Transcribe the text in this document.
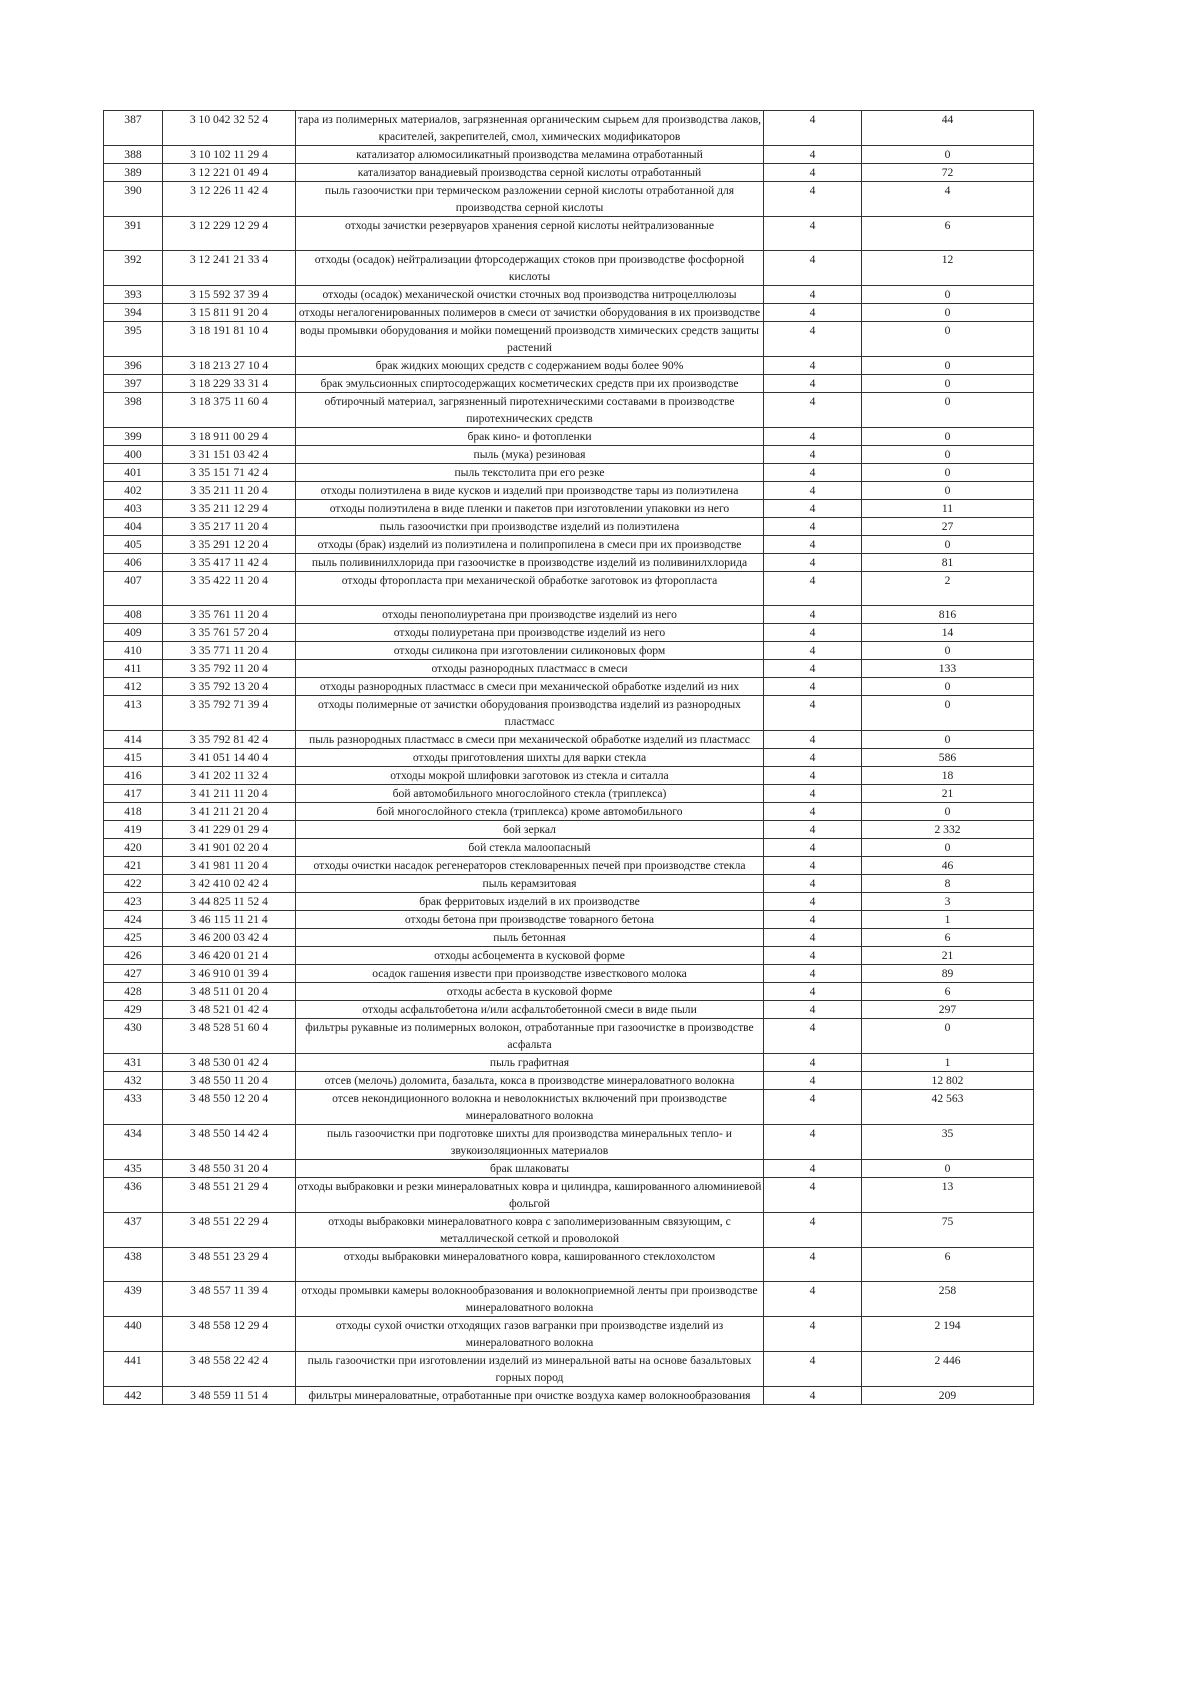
387	3 10 042 32 52 4	тара из полимерных материалов, загрязненная органическим сырьем для производства лаков, красителей, закрепителей, смол, химических модификаторов	4	44
388	3 10 102 11 29 4	катализатор алюмосиликатный производства меламина отработанный	4	0
389	3 12 221 01 49 4	катализатор ванадиевый производства серной кислоты отработанный	4	72
390	3 12 226 11 42 4	пыль газоочистки при термическом разложении серной кислоты отработанной для производства серной кислоты	4	4
391	3 12 229 12 29 4	отходы зачистки резервуаров хранения серной кислоты нейтрализованные	4	6
392	3 12 241 21 33 4	отходы (осадок) нейтрализации фторсодержащих стоков при производстве фосфорной кислоты	4	12
393	3 15 592 37 39 4	отходы (осадок) механической очистки сточных вод производства нитроцеллюлозы	4	0
394	3 15 811 91 20 4	отходы негалогенированных полимеров в смеси от зачистки оборудования в их производстве	4	0
395	3 18 191 81 10 4	воды промывки оборудования и мойки помещений производств химических средств защиты растений	4	0
396	3 18 213 27 10 4	брак жидких моющих средств с содержанием воды более 90%	4	0
397	3 18 229 33 31 4	брак эмульсионных спиртосодержащих косметических средств при их производстве	4	0
398	3 18 375 11 60 4	обтирочный материал, загрязненный пиротехническими составами в производстве пиротехнических средств	4	0
399	3 18 911 00 29 4	брак кино- и фотопленки	4	0
400	3 31 151 03 42 4	пыль (мука) резиновая	4	0
401	3 35 151 71 42 4	пыль текстолита при его резке	4	0
402	3 35 211 11 20 4	отходы полиэтилена в виде кусков и изделий при производстве тары из полиэтилена	4	0
403	3 35 211 12 29 4	отходы полиэтилена в виде пленки и пакетов при изготовлении упаковки из него	4	11
404	3 35 217 11 20 4	пыль газоочистки при производстве изделий из полиэтилена	4	27
405	3 35 291 12 20 4	отходы (брак) изделий из полиэтилена и полипропилена в смеси при их производстве	4	0
406	3 35 417 11 42 4	пыль поливинилхлорида при газоочистке в производстве изделий из поливинилхлорида	4	81
407	3 35 422 11 20 4	отходы фторопласта при механической обработке заготовок из фторопласта	4	2
408	3 35 761 11 20 4	отходы пенополиуретана при производстве изделий из него	4	816
409	3 35 761 57 20 4	отходы полиуретана при производстве изделий из него	4	14
410	3 35 771 11 20 4	отходы силикона при изготовлении силиконовых форм	4	0
411	3 35 792 11 20 4	отходы разнородных пластмасс в смеси	4	133
412	3 35 792 13 20 4	отходы разнородных пластмасс в смеси при механической обработке изделий из них	4	0
413	3 35 792 71 39 4	отходы полимерные от зачистки оборудования производства изделий из разнородных пластмасс	4	0
414	3 35 792 81 42 4	пыль разнородных пластмасс в смеси при механической обработке изделий из пластмасс	4	0
415	3 41 051 14 40 4	отходы приготовления шихты для варки стекла	4	586
416	3 41 202 11 32 4	отходы мокрой шлифовки заготовок из стекла и ситалла	4	18
417	3 41 211 11 20 4	бой автомобильного многослойного стекла (триплекса)	4	21
418	3 41 211 21 20 4	бой многослойного стекла (триплекса) кроме автомобильного	4	0
419	3 41 229 01 29 4	бой зеркал	4	2 332
420	3 41 901 02 20 4	бой стекла малоопасный	4	0
421	3 41 981 11 20 4	отходы очистки насадок регенераторов стекловаренных печей при производстве стекла	4	46
422	3 42 410 02 42 4	пыль керамзитовая	4	8
423	3 44 825 11 52 4	брак ферритовых изделий в их производстве	4	3
424	3 46 115 11 21 4	отходы бетона при производстве товарного бетона	4	1
425	3 46 200 03 42 4	пыль бетонная	4	6
426	3 46 420 01 21 4	отходы асбоцемента в кусковой форме	4	21
427	3 46 910 01 39 4	осадок гашения извести при производстве известкового молока	4	89
428	3 48 511 01 20 4	отходы асбеста в кусковой форме	4	6
429	3 48 521 01 42 4	отходы асфальтобетона и/или асфальтобетонной смеси в виде пыли	4	297
430	3 48 528 51 60 4	фильтры рукавные из полимерных волокон, отработанные при газоочистке в производстве асфальта	4	0
431	3 48 530 01 42 4	пыль графитная	4	1
432	3 48 550 11 20 4	отсев (мелочь) доломита, базальта, кокса в производстве минераловатного волокна	4	12 802
433	3 48 550 12 20 4	отсев некондиционного волокна и неволокнистых включений при производстве минераловатного волокна	4	42 563
434	3 48 550 14 42 4	пыль газоочистки при подготовке шихты для производства минеральных тепло- и звукоизоляционных материалов	4	35
435	3 48 550 31 20 4	брак шлаковаты	4	0
436	3 48 551 21 29 4	отходы выбраковки и резки минераловатных ковра и цилиндра, кашированного алюминиевой фольгой	4	13
437	3 48 551 22 29 4	отходы выбраковки минераловатного ковра с заполимеризованным связующим, с металлической сеткой и проволокой	4	75
438	3 48 551 23 29 4	отходы выбраковки минераловатного ковра, кашированного стеклохолстом	4	6
439	3 48 557 11 39 4	отходы промывки камеры волокнообразования и волокноприемной ленты при производстве минераловатного волокна	4	258
440	3 48 558 12 29 4	отходы сухой очистки отходящих газов вагранки при производстве изделий из минераловатного волокна	4	2 194
441	3 48 558 22 42 4	пыль газоочистки при изготовлении изделий из минеральной ваты на основе базальтовых горных пород	4	2 446
442	3 48 559 11 51 4	фильтры минераловатные, отработанные при очистке воздуха камер волокнообразования	4	209
